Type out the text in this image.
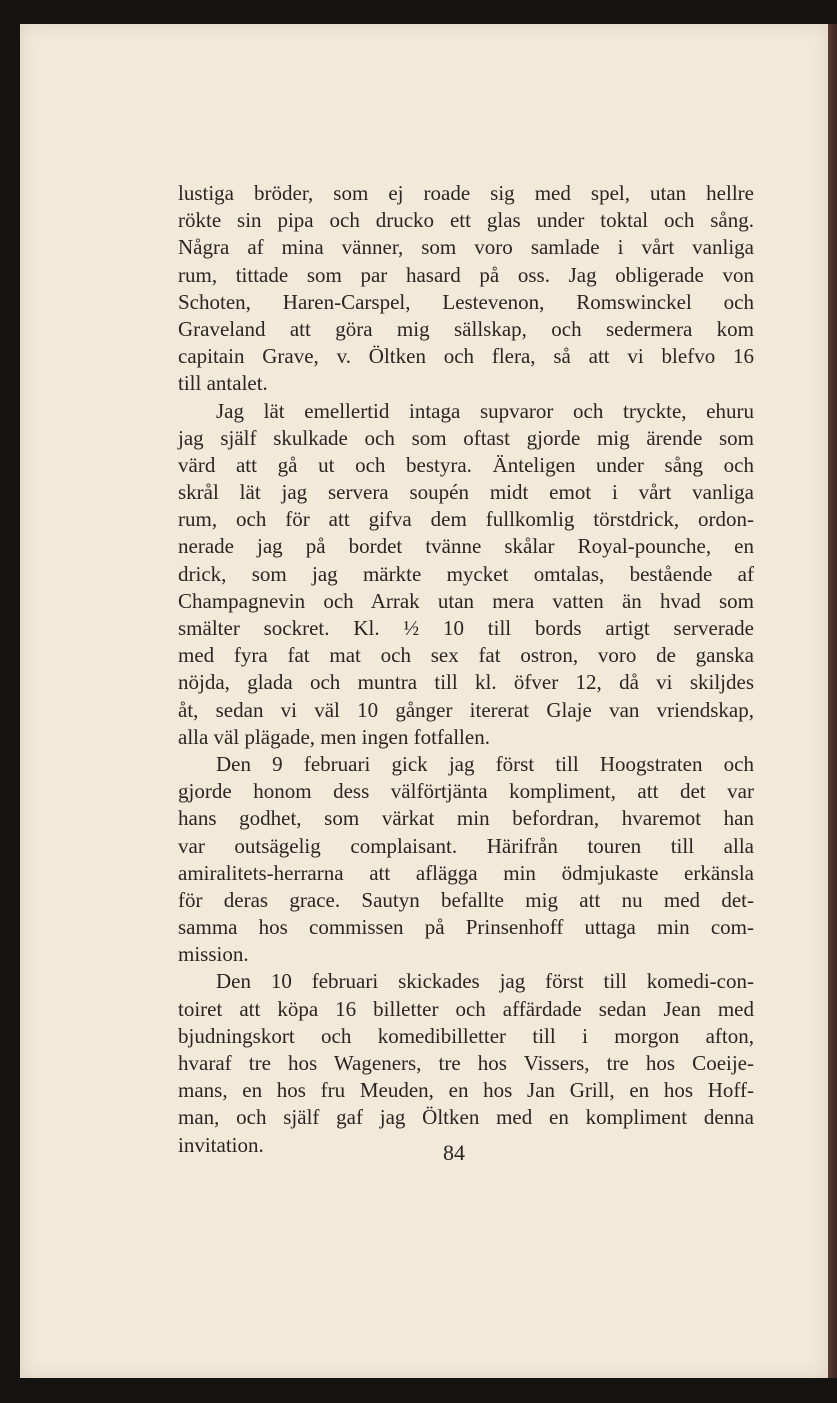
lustiga bröder, som ej roade sig med spel, utan hellre
rökte sin pipa och drucko ett glas under toktal och sång.
Några af mina vänner, som voro samlade i vårt vanliga
rum, tittade som par hasard på oss. Jag obligerade von
Schoten, Haren-Carspel, Lestevenon, Romswinckel och
Graveland att göra mig sällskap, och sedermera kom
capitain Grave, v. Öltken och flera, så att vi blefvo 16
till antalet.
Jag lät emellertid intaga supvaror och tryckte, ehuru
jag själf skulkade och som oftast gjorde mig ärende som
värd att gå ut och bestyra. Änteligen under sång och
skrål lät jag servera soupén midt emot i vårt vanliga
rum, och för att gifva dem fullkomlig törstdrick, ordon-
nerade jag på bordet tvänne skålar Royal-pounche, en
drick, som jag märkte mycket omtalas, bestående af
Champagnevin och Arrak utan mera vatten än hvad som
smälter sockret. Kl. ½ 10 till bords artigt serverade
med fyra fat mat och sex fat ostron, voro de ganska
nöjda, glada och muntra till kl. öfver 12, då vi skiljdes
åt, sedan vi väl 10 gånger itererat Glaje van vriendskap,
alla väl plägade, men ingen fotfallen.
Den 9 februari gick jag först till Hoogstraten och
gjorde honom dess välförtjänta kompliment, att det var
hans godhet, som värkat min befordran, hvaremot han
var outsägelig complaisant. Härifrån touren till alla
amiralitets-herrarna att aflägga min ödmjukaste erkänsla
för deras grace. Sautyn befallte mig att nu med det-
samma hos commissen på Prinsenhoff uttaga min com-
mission.
Den 10 februari skickades jag först till komedi-con-
toiret att köpa 16 billetter och affärdade sedan Jean med
bjudningskort och komedibilletter till i morgon afton,
hvaraf tre hos Wageners, tre hos Vissers, tre hos Coeije-
mans, en hos fru Meuden, en hos Jan Grill, en hos Hoff-
man, och själf gaf jag Öltken med en kompliment denna
invitation.	84
